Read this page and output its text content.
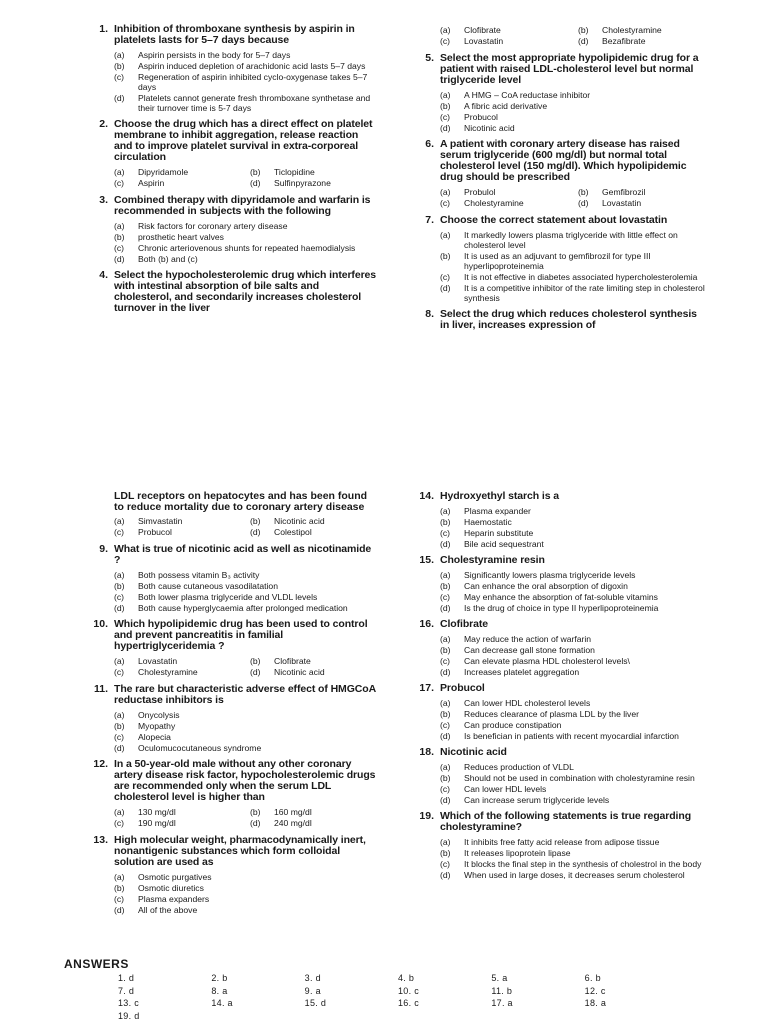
1. Inhibition of thromboxane synthesis by aspirin in platelets lasts for 5–7 days because
(a)	Aspirin persists in the body for 5–7 days
(b)	Aspirin induced depletion of arachidonic acid lasts 5–7 days
(c)	Regeneration of aspirin inhibited cyclo-oxygenase takes 5–7 days
(d)	Platelets cannot generate fresh thromboxane synthetase and their turnover time is 5-7 days
2. Choose the drug which has a direct effect on platelet membrane to inhibit aggregation, release reaction and to improve platelet survival in extra-corporeal circulation
(a)	Dipyridamole	(b)	Ticlopidine
(c)	Aspirin	(d)	Sulfinpyrazone
3. Combined therapy with dipyridamole and warfarin is recommended in subjects with the following
(a)	Risk factors for coronary artery disease
(b)	prosthetic heart valves
(c)	Chronic arteriovenous shunts for repeated haemodialysis
(d)	Both (b) and (c)
4. Select the hypocholesterolemic drug which interferes with intestinal absorption of bile salts and cholesterol, and secondarily increases cholesterol turnover in the liver
(a)	Clofibrate	(b)	Cholestyramine
(c)	Lovastatin	(d)	Bezafibrate
5. Select the most appropriate hypolipidemic drug for a patient with raised LDL-cholesterol level but normal triglyceride level
(a)	A HMG – CoA reductase inhibitor
(b)	A fibric acid derivative
(c)	Probucol
(d)	Nicotinic acid
6. A patient with coronary artery disease has raised serum triglyceride (600 mg/dl) but normal total cholesterol level (150 mg/dl). Which hypolipidemic drug should be prescribed
(a)	Probulol	(b)	Gemfibrozil
(c)	Cholestyramine	(d)	Lovastatin
7. Choose the correct statement about lovastatin
(a)	It markedly lowers plasma triglyceride with little effect on cholesterol level
(b)	It is used as an adjuvant to gemfibrozil for type III hyperlipoproteinemia
(c)	It is not effective in diabetes associated hypercholesterolemia
(d)	It is a competitive inhibitor of the rate limiting step in cholesterol synthesis
8. Select the drug which reduces cholesterol synthesis in liver, increases expression of
LDL receptors on hepatocytes and has been found to reduce mortality due to coronary artery disease
(a)	Simvastatin	(b)	Nicotinic acid
(c)	Probucol	(d)	Colestipol
9. What is true of nicotinic acid as well as nicotinamide ?
(a)	Both possess vitamin B₃ activity
(b)	Both cause cutaneous vasodilatation
(c)	Both lower plasma triglyceride and VLDL levels
(d)	Both cause hyperglycaemia after prolonged medication
10. Which hypolipidemic drug has been used to control and prevent pancreatitis in familial hypertriglyceridemia ?
(a)	Lovastatin	(b)	Clofibrate
(c)	Cholestyramine	(d)	Nicotinic acid
11. The rare but characteristic adverse effect of HMGCoA reductase inhibitors is
(a)	Onycolysis
(b)	Myopathy
(c)	Alopecia
(d)	Oculomucocutaneous syndrome
12. In a 50-year-old male without any other coronary artery disease risk factor, hypocholesterolemic drugs are recommended only when the serum LDL cholesterol level is higher than
(a)	130 mg/dl	(b)	160 mg/dl
(c)	190 mg/dl	(d)	240 mg/dl
13. High molecular weight, pharmacodynamically inert, nonantigenic substances which form colloidal solution are used as
(a)	Osmotic purgatives
(b)	Osmotic diuretics
(c)	Plasma expanders
(d)	All of the above
14. Hydroxyethyl starch is a
(a)	Plasma expander
(b)	Haemostatic
(c)	Heparin substitute
(d)	Bile acid sequestrant
15. Cholestyramine resin
(a)	Significantly lowers plasma triglyceride levels
(b)	Can enhance the oral absorption of digoxin
(c)	May enhance the absorption of fat-soluble vitamins
(d)	Is the drug of choice in type II hyperlipoproteinemia
16. Clofibrate
(a)	May reduce the action of warfarin
(b)	Can decrease gall stone formation
(c)	Can elevate plasma HDL cholesterol levels\
(d)	Increases platelet aggregation
17. Probucol
(a)	Can lower HDL cholesterol levels
(b)	Reduces clearance of plasma LDL by the liver
(c)	Can produce constipation
(d)	Is benefician in patients with recent myocardial infarction
18. Nicotinic acid
(a)	Reduces production of VLDL
(b)	Should not be used in combination with cholestyramine resin
(c)	Can lower HDL levels
(d)	Can increase serum triglyceride levels
19. Which of the following statements is true regarding cholestyramine?
(a)	It inhibits free fatty acid release from adipose tissue
(b)	It releases lipoprotein lipase
(c)	It blocks the final step in the synthesis of cholestrol in the body
(d)	When used in large doses, it decreases serum cholesterol
ANSWERS
1. d	2. b	3. d	4. b	5. a	6. b
7. d	8. a	9. a	10. c	11. b	12. c
13. c	14. a	15. d	16. c	17. a	18. a
19. d
